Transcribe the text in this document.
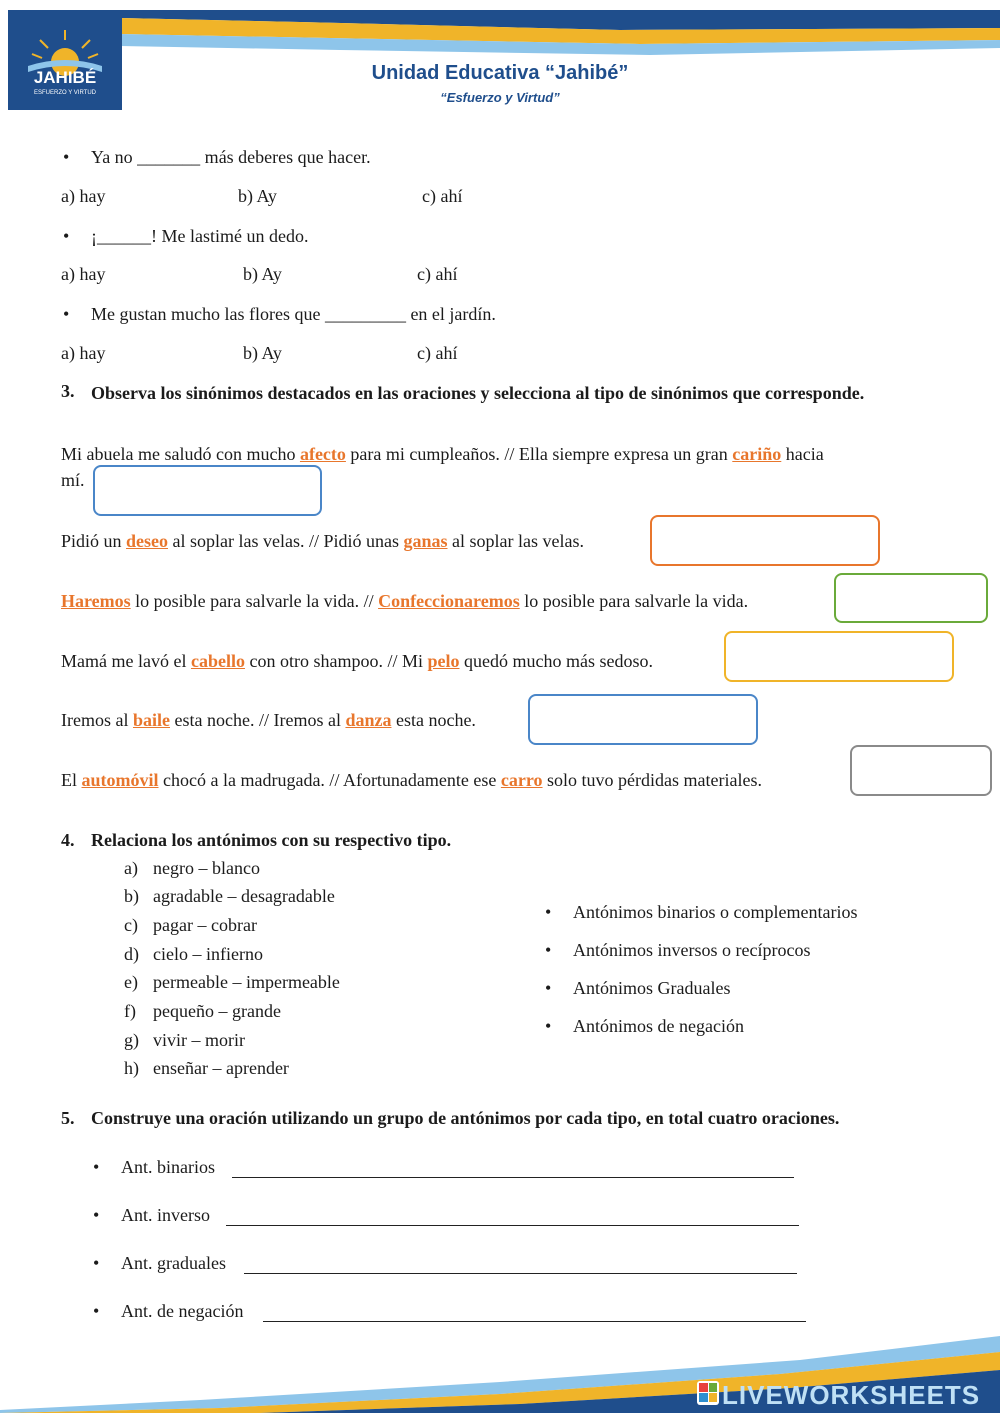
JAHIBÉ
ESFUERZO Y VIRTUD
Unidad Educativa “Jahibé”
“Esfuerzo y Virtud”
• Ya no _______ más deberes que hacer.
a) hay	b) Ay	c) ahí
• ¡______! Me lastimé un dedo.
a) hay	b) Ay	c) ahí
• Me gustan mucho las flores que _________ en el jardín.
a) hay	b) Ay	c) ahí
3. Observa los sinónimos destacados en las oraciones y selecciona al tipo de sinónimos que corresponde.
Mi abuela me saludó con mucho afecto para mi cumpleaños. // Ella siempre expresa un gran cariño hacia
mí.
Pidió un deseo al soplar las velas. // Pidió unas ganas al soplar las velas.
Haremos lo posible para salvarle la vida. // Confeccionaremos lo posible para salvarle la vida.
Mamá me lavó el cabello con otro shampoo. // Mi pelo quedó mucho más sedoso.
Iremos al baile esta noche. // Iremos al danza esta noche.
El automóvil chocó a la madrugada. // Afortunadamente ese carro solo tuvo pérdidas materiales.
4. Relaciona los antónimos con su respectivo tipo.
a) negro – blanco
b) agradable – desagradable
c) pagar – cobrar
d) cielo – infierno
e) permeable – impermeable
f) pequeño – grande
g) vivir – morir
h) enseñar – aprender
• Antónimos binarios o complementarios
• Antónimos inversos o recíprocos
• Antónimos Graduales
• Antónimos de negación
5. Construye una oración utilizando un grupo de antónimos por cada tipo, en total cuatro oraciones.
• Ant. binarios
• Ant. inverso
• Ant. graduales
• Ant. de negación
LIVEWORKSHEETS
